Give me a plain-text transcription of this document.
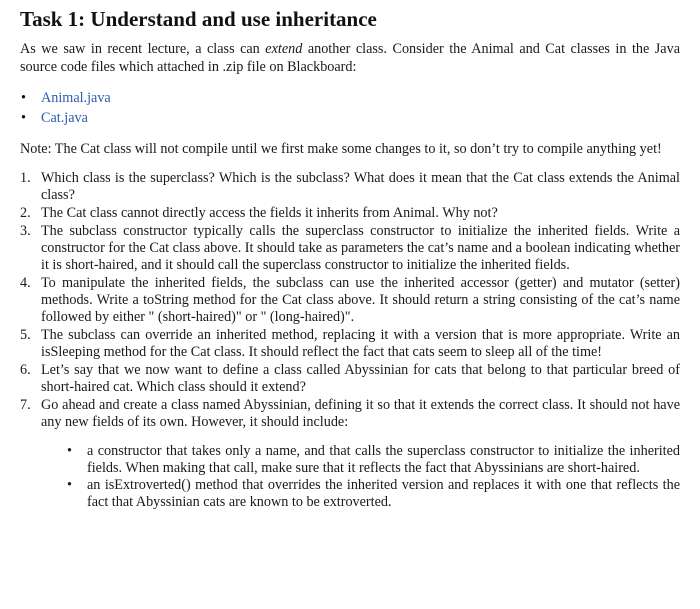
Task 1: Understand and use inheritance

As we saw in recent lecture, a class can extend another class. Consider the Animal and Cat classes in the Java source code files which attached in .zip file on Blackboard:

• Animal.java
• Cat.java

Note: The Cat class will not compile until we first make some changes to it, so don’t try to compile anything yet!

1. Which class is the superclass? Which is the subclass? What does it mean that the Cat class extends the Animal class?
2. The Cat class cannot directly access the fields it inherits from Animal. Why not?
3. The subclass constructor typically calls the superclass constructor to initialize the inherited fields. Write a constructor for the Cat class above. It should take as parameters the cat’s name and a boolean indicating whether it is short-haired, and it should call the superclass constructor to initialize the inherited fields.
4. To manipulate the inherited fields, the subclass can use the inherited accessor (getter) and mutator (setter) methods. Write a toString method for the Cat class above. It should return a string consisting of the cat’s name followed by either " (short-haired)" or " (long-haired)".
5. The subclass can override an inherited method, replacing it with a version that is more appropriate. Write an isSleeping method for the Cat class. It should reflect the fact that cats seem to sleep all of the time!
6. Let’s say that we now want to define a class called Abyssinian for cats that belong to that particular breed of short-haired cat. Which class should it extend?
7. Go ahead and create a class named Abyssinian, defining it so that it extends the correct class. It should not have any new fields of its own. However, it should include:
• a constructor that takes only a name, and that calls the superclass constructor to initialize the inherited fields. When making that call, make sure that it reflects the fact that Abyssinians are short-haired.
• an isExtroverted() method that overrides the inherited version and replaces it with one that reflects the fact that Abyssinian cats are known to be extroverted.
